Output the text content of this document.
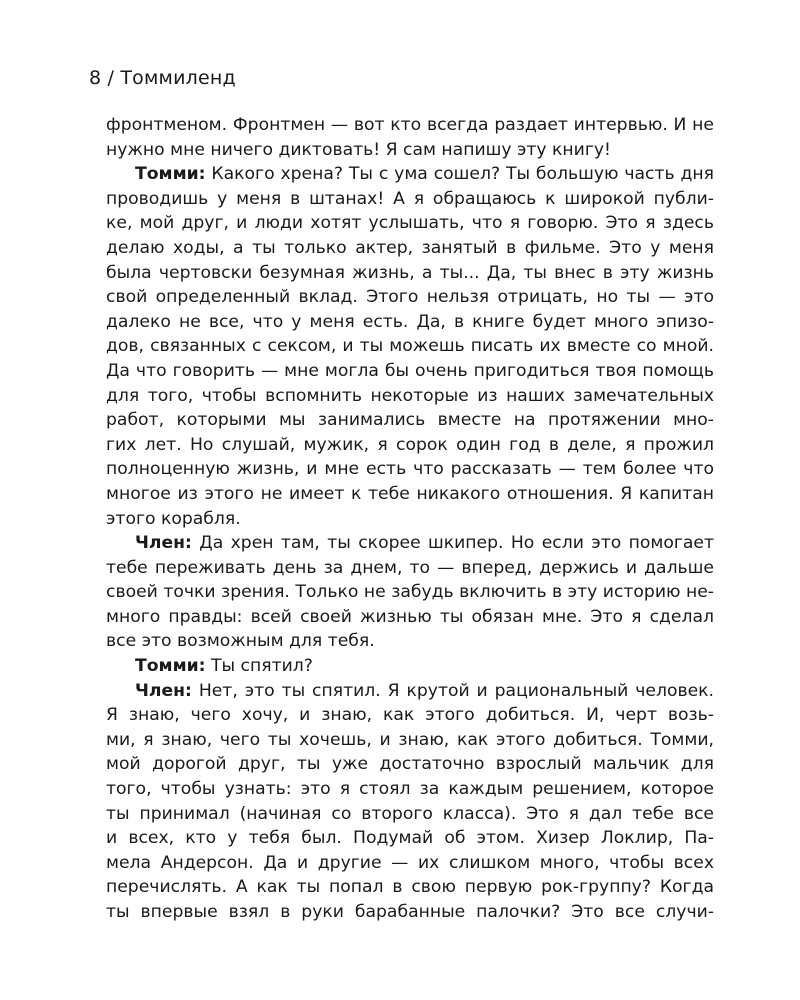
8 / Томмиленд
фронтменом. Фронтмен — вот кто всегда раздает интервью. И не
нужно мне ничего диктовать! Я сам напишу эту книгу!
Томми: Какого хрена? Ты с ума сошел? Ты большую часть дня
проводишь у меня в штанах! А я обращаюсь к широкой публи-
ке, мой друг, и люди хотят услышать, что я говорю. Это я здесь
делаю ходы, а ты только актер, занятый в фильме. Это у меня
была чертовски безумная жизнь, а ты... Да, ты внес в эту жизнь
свой определенный вклад. Этого нельзя отрицать, но ты — это
далеко не все, что у меня есть. Да, в книге будет много эпизо-
дов, связанных с сексом, и ты можешь писать их вместе со мной.
Да что говорить — мне могла бы очень пригодиться твоя помощь
для того, чтобы вспомнить некоторые из наших замечательных
работ, которыми мы занимались вместе на протяжении мно-
гих лет. Но слушай, мужик, я сорок один год в деле, я прожил
полноценную жизнь, и мне есть что рассказать — тем более что
многое из этого не имеет к тебе никакого отношения. Я капитан
этого корабля.
Член: Да хрен там, ты скорее шкипер. Но если это помогает
тебе переживать день за днем, то — вперед, держись и дальше
своей точки зрения. Только не забудь включить в эту историю не-
много правды: всей своей жизнью ты обязан мне. Это я сделал
все это возможным для тебя.
Томми: Ты спятил?
Член: Нет, это ты спятил. Я крутой и рациональный человек.
Я знаю, чего хочу, и знаю, как этого добиться. И, черт возь-
ми, я знаю, чего ты хочешь, и знаю, как этого добиться. Томми,
мой дорогой друг, ты уже достаточно взрослый мальчик для
того, чтобы узнать: это я стоял за каждым решением, которое
ты принимал (начиная со второго класса). Это я дал тебе все
и всех, кто у тебя был. Подумай об этом. Хизер Локлир, Па-
мела Андерсон. Да и другие — их слишком много, чтобы всех
перечислять. А как ты попал в свою первую рок-группу? Когда
ты впервые взял в руки барабанные палочки? Это все случи-
